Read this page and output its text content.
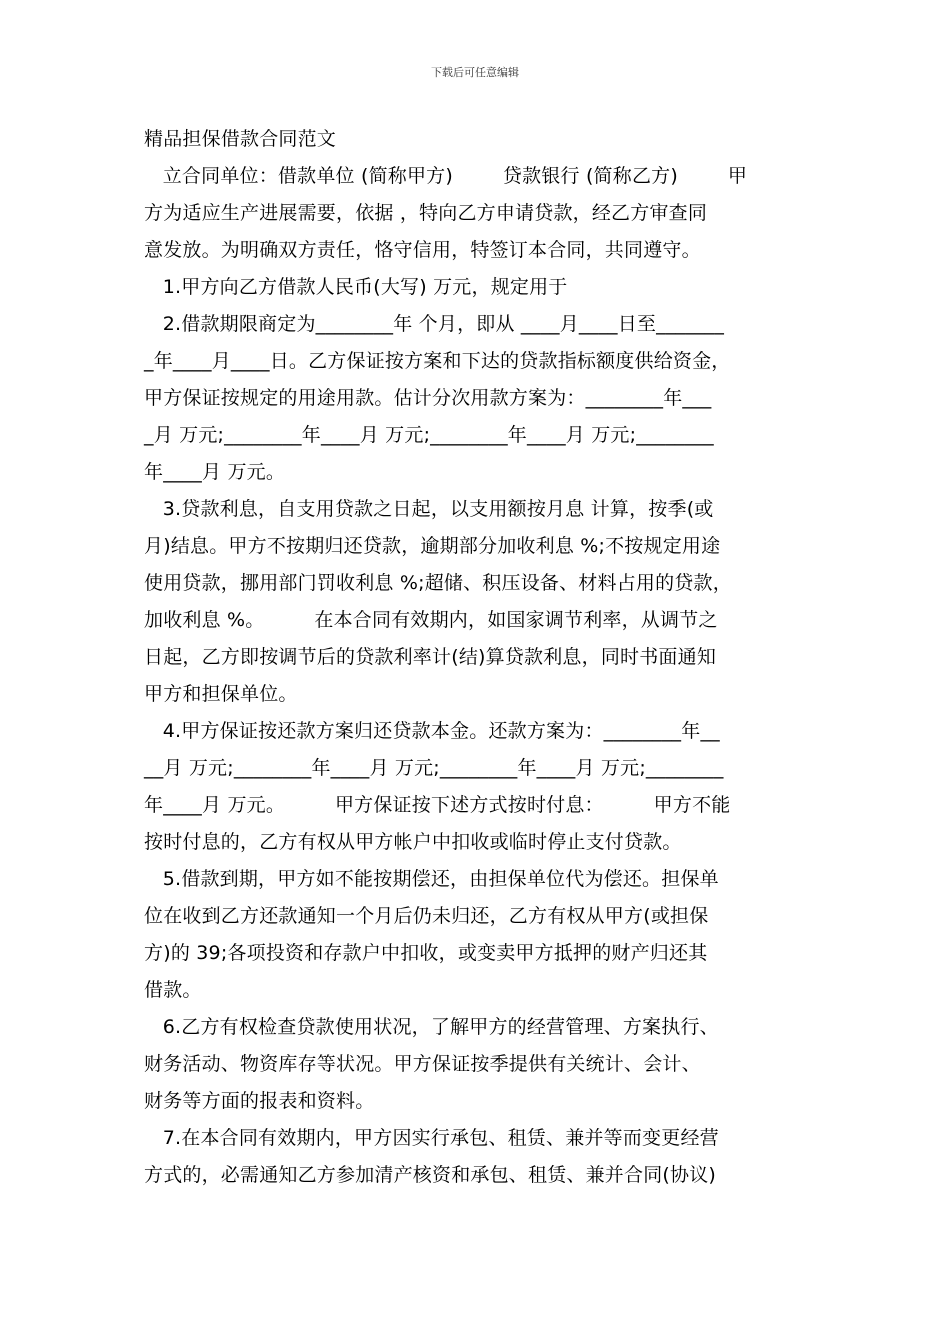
下载后可任意编辑
精品担保借款合同范文
立合同单位：借款单位 (简称甲方)        贷款银行 (简称乙方)        甲
方为适应生产进展需要，依据 ，特向乙方申请贷款，经乙方审查同
意发放。为明确双方责任，恪守信用，特签订本合同，共同遵守。
1.甲方向乙方借款人民币(大写) 万元，规定用于
2.借款期限商定为________年 个月，即从 ____月____日至_______
_年____月____日。乙方保证按方案和下达的贷款指标额度供给资金，
甲方保证按规定的用途用款。估计分次用款方案为：________年___
_月 万元;________年____月 万元;________年____月 万元;________
年____月 万元。
3.贷款利息，自支用贷款之日起，以支用额按月息 计算，按季(或
月)结息。甲方不按期归还贷款，逾期部分加收利息 %;不按规定用途
使用贷款，挪用部门罚收利息 %;超储、积压设备、材料占用的贷款，
加收利息 %。        在本合同有效期内，如国家调节利率，从调节之
日起，乙方即按调节后的贷款利率计(结)算贷款利息，同时书面通知
甲方和担保单位。
4.甲方保证按还款方案归还贷款本金。还款方案为：________年__
__月 万元;________年____月 万元;________年____月 万元;________
年____月 万元。        甲方保证按下述方式按时付息：        甲方不能
按时付息的，乙方有权从甲方帐户中扣收或临时停止支付贷款。
5.借款到期，甲方如不能按期偿还，由担保单位代为偿还。担保单
位在收到乙方还款通知一个月后仍未归还，乙方有权从甲方(或担保
方)的 39;各项投资和存款户中扣收，或变卖甲方抵押的财产归还其
借款。
6.乙方有权检查贷款使用状况，了解甲方的经营管理、方案执行、
财务活动、物资库存等状况。甲方保证按季提供有关统计、会计、
财务等方面的报表和资料。
7.在本合同有效期内，甲方因实行承包、租赁、兼并等而变更经营
方式的，必需通知乙方参加清产核资和承包、租赁、兼并合同(协议)
